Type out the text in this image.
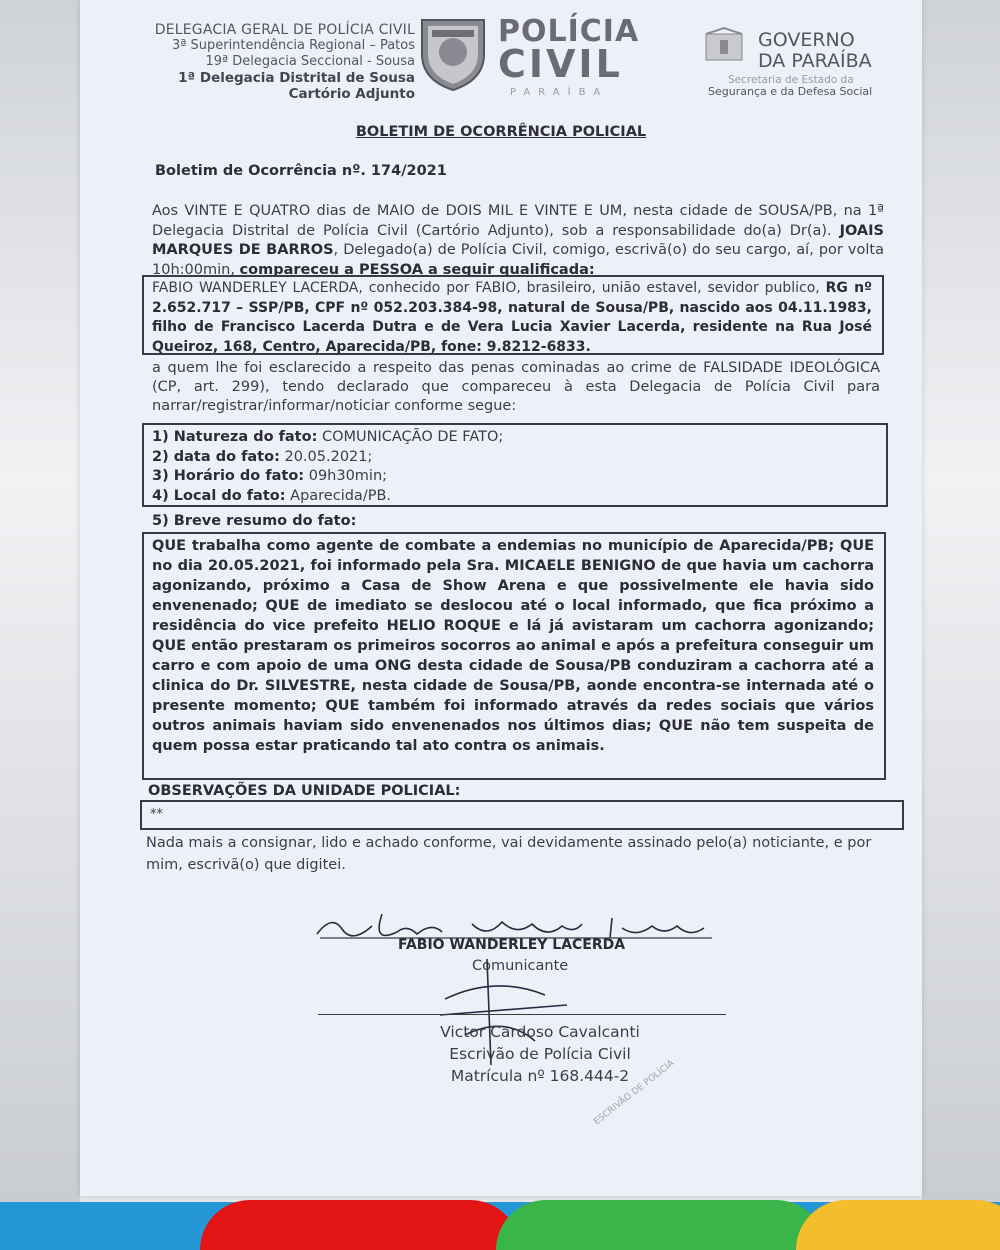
DELEGACIA GERAL DE POLÍCIA CIVIL
3ª Superintendência Regional – Patos
19ª Delegacia Seccional - Sousa
1ª Delegacia Distrital de Sousa
Cartório Adjunto
POLÍCIA
CIVIL
PARAÍBA
GOVERNO
DA PARAÍBA
Secretaria de Estado da
Segurança e da Defesa Social
BOLETIM DE OCORRÊNCIA POLICIAL
Boletim de Ocorrência nº. 174/2021
Aos VINTE E QUATRO dias de MAIO de DOIS MIL E VINTE E UM, nesta cidade de SOUSA/PB, na 1ª Delegacia Distrital de Polícia Civil (Cartório Adjunto), sob a responsabilidade do(a) Dr(a). JOAIS MARQUES DE BARROS, Delegado(a) de Polícia Civil, comigo, escrivã(o) do seu cargo, aí, por volta 10h:00min, compareceu a PESSOA a seguir qualificada:
FABIO WANDERLEY LACERDA, conhecido por FABIO, brasileiro, união estavel, sevidor publico, RG nº 2.652.717 – SSP/PB, CPF nº 052.203.384-98, natural de Sousa/PB, nascido aos 04.11.1983, filho de Francisco Lacerda Dutra e de Vera Lucia Xavier Lacerda, residente na Rua José Queiroz, 168, Centro, Aparecida/PB, fone: 9.8212-6833.
a quem lhe foi esclarecido a respeito das penas cominadas ao crime de FALSIDADE IDEOLÓGICA (CP, art. 299), tendo declarado que compareceu à esta Delegacia de Polícia Civil para narrar/registrar/informar/noticiar conforme segue:
1) Natureza do fato: COMUNICAÇÃO DE FATO;
2) data do fato: 20.05.2021;
3) Horário do fato: 09h30min;
4) Local do fato: Aparecida/PB.
5) Breve resumo do fato:
QUE trabalha como agente de combate a endemias no município de Aparecida/PB; QUE no dia 20.05.2021, foi informado pela Sra. MICAELE BENIGNO de que havia um cachorra agonizando, próximo a Casa de Show Arena e que possivelmente ele havia sido envenenado; QUE de imediato se deslocou até o local informado, que fica próximo a residência do vice prefeito HELIO ROQUE e lá já avistaram um cachorra agonizando; QUE então prestaram os primeiros socorros ao animal e após a prefeitura conseguir um carro e com apoio de uma ONG desta cidade de Sousa/PB conduziram a cachorra até a clinica do Dr. SILVESTRE, nesta cidade de Sousa/PB, aonde encontra-se internada até o presente momento; QUE também foi informado através da redes sociais que vários outros animais haviam sido envenenados nos últimos dias; QUE não tem suspeita de quem possa estar praticando tal ato contra os animais.
OBSERVAÇÕES DA UNIDADE POLICIAL:
**
Nada mais a consignar, lido e achado conforme, vai devidamente assinado pelo(a) noticiante, e por mim, escrivã(o) que digitei.
FABIO WANDERLEY LACERDA
Comunicante
Victor Cardoso Cavalcanti
Escrivão de Polícia Civil
Matrícula nº 168.444-2
ESCRIVÃO DE POLÍCIA
